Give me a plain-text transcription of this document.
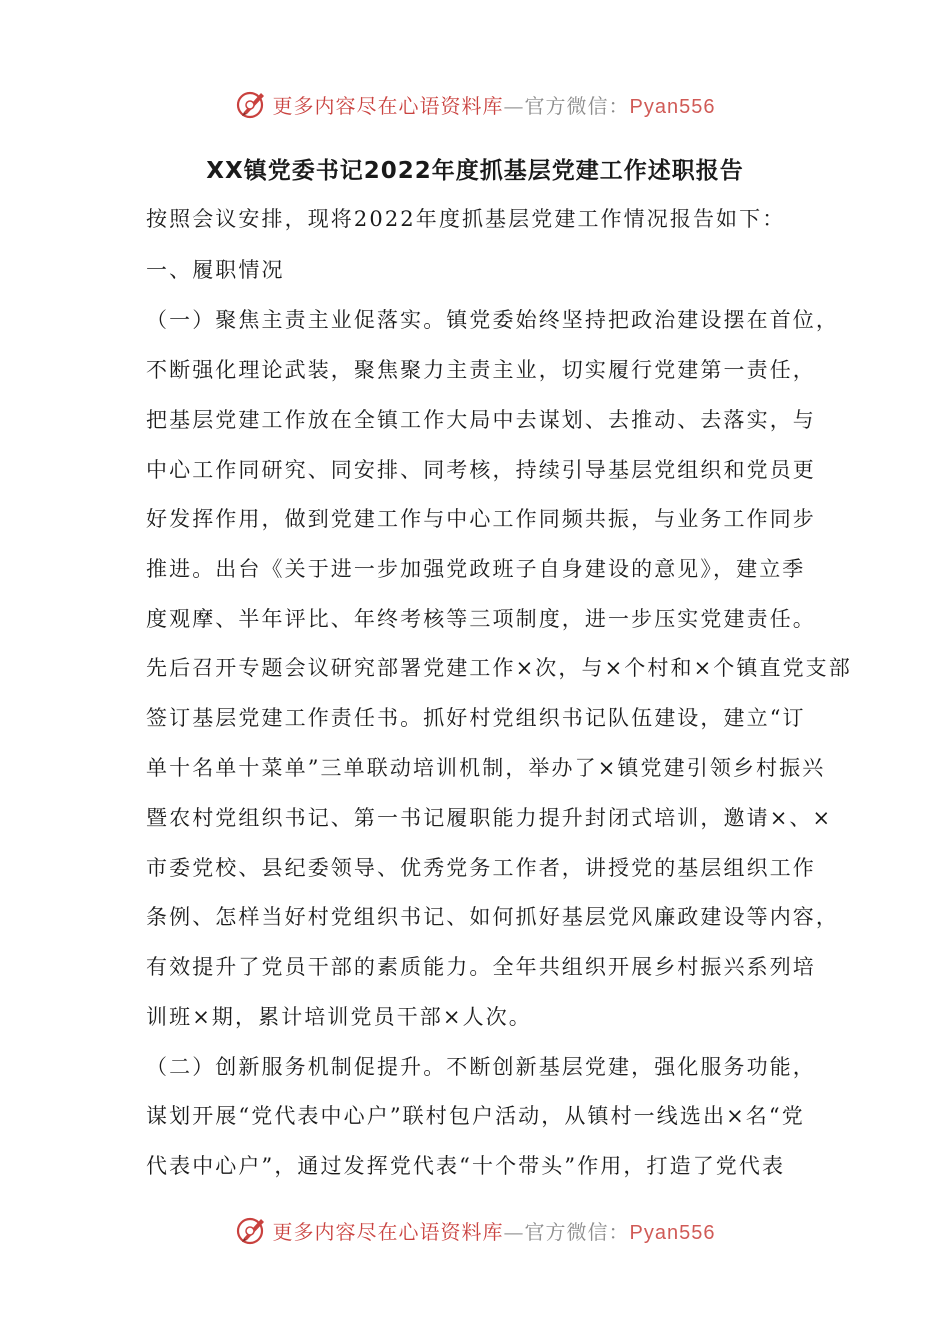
更多内容尽在心语资料库—官方微信：Pyan556
XX镇党委书记2022年度抓基层党建工作述职报告
按照会议安排，现将2022年度抓基层党建工作情况报告如下：
一、履职情况
（一）聚焦主责主业促落实。镇党委始终坚持把政治建设摆在首位，
不断强化理论武装，聚焦聚力主责主业，切实履行党建第一责任，
把基层党建工作放在全镇工作大局中去谋划、去推动、去落实，与
中心工作同研究、同安排、同考核，持续引导基层党组织和党员更
好发挥作用，做到党建工作与中心工作同频共振，与业务工作同步
推进。出台《关于进一步加强党政班子自身建设的意见》，建立季
度观摩、半年评比、年终考核等三项制度，进一步压实党建责任。
先后召开专题会议研究部署党建工作×次，与×个村和×个镇直党支部
签订基层党建工作责任书。抓好村党组织书记队伍建设，建立“订
单十名单十菜单”三单联动培训机制，举办了×镇党建引领乡村振兴
暨农村党组织书记、第一书记履职能力提升封闭式培训，邀请×、×
市委党校、县纪委领导、优秀党务工作者，讲授党的基层组织工作
条例、怎样当好村党组织书记、如何抓好基层党风廉政建设等内容，
有效提升了党员干部的素质能力。全年共组织开展乡村振兴系列培
训班×期，累计培训党员干部×人次。
（二）创新服务机制促提升。不断创新基层党建，强化服务功能，
谋划开展“党代表中心户”联村包户活动，从镇村一线选出×名“党
代表中心户”，通过发挥党代表“十个带头”作用，打造了党代表
更多内容尽在心语资料库—官方微信：Pyan556
